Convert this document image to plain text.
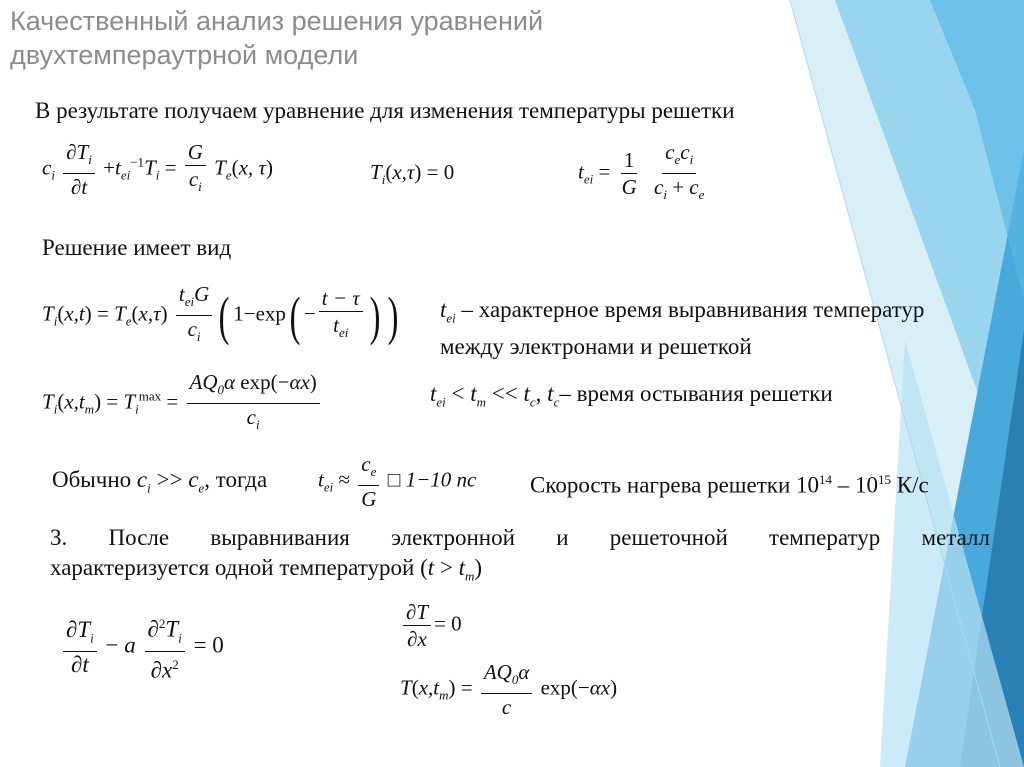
Качественный анализ решения уравнений
двухтемпераутрной модели
В результате получаем уравнение для изменения температуры решетки
$c_i \frac{\partial T_i}{\partial t} +t_{ei}^{-1}T_i = \frac{G}{c_i} T_e(x$, τ)	$T_i(x,\tau) = 0$	$t_{ei} = \frac{1}{G}$
$\frac{c_ec_i}{c_i + c_e}$
Решение имеет вид
$T_i(x,t) = T_e(x,\tau) \frac{t_{ei}G}{c_i}$ ( $1-\exp( - \frac{t - \tau}{t_{ei}}$ ) ) $t_{ei}$ – характерное время выравнивания температур
между электронами и решеткой
$T_i(x,t_m) = T_i^{max} = \frac{AQ_0\alpha \exp(-\alpha x)}{c_i}$	$t_{ei} < t_m << t_c$, $t_c-$ время остывания решетки
Обычно $c_i >> c_e$, тогда $t_{ei} \approx \frac{c_e}{G}$ □ 1−10 пс Скорость нагрева решетки $10^{14} - 10^{15}$ К/с
3. После выравнивания электронной и решеточной температур металл
характеризуется одной температурой $(t > t_m)$
$\frac{\partial T_i}{\partial t} - a \frac{\partial^2T_i}{\partial x^2} = 0$	$\frac{\partial T}{\partial x} = 0$
$T(x,t_m) = \frac{AQ_0\alpha}{c} \exp(-\alpha x)$
